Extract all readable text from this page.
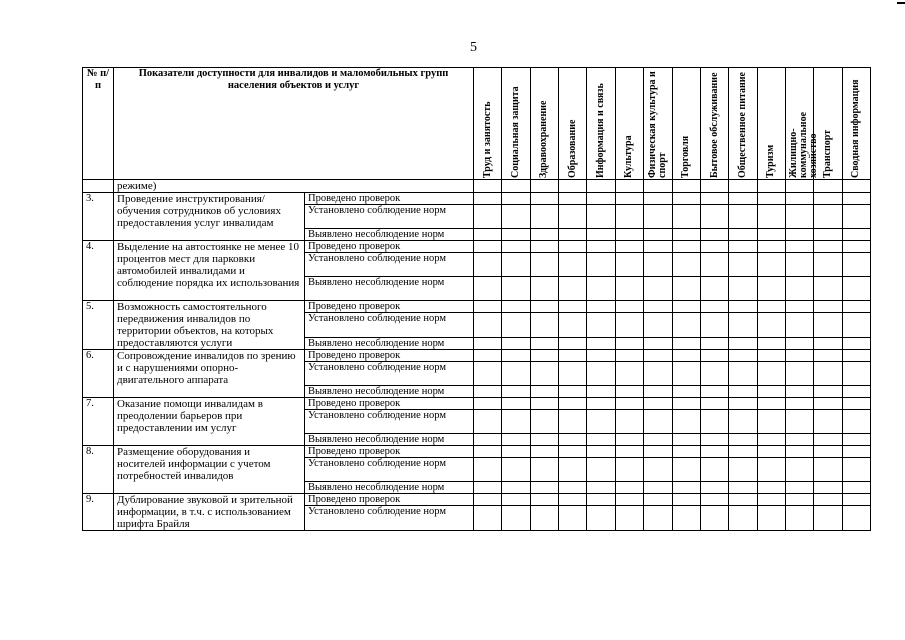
5
№ п/п	Показатели доступности для инвалидов и маломобильных групп населения объектов и услуг		Труд и занятость	Социальная защита	Здравоохранение	Образование	Информация и связь	Культура	Физическая культура и спорт	Торговля	Бытовое обслуживание	Общественное питание	Туризм	Жилищно-коммунальное хозяйство	Транспорт	Сводная информация

	режиме)															
3.	Проведение инструктирования/ обучения сотрудников об условиях предоставления услуг инвалидам	Проведено проверок														
		Установлено соблюдение норм														
		Выявлено несоблюдение норм														
4.	Выделение на автостоянке не менее 10 процентов мест для парковки автомобилей инвалидами и соблюдение порядка их использования	Проведено проверок														
		Установлено соблюдение норм														
		Выявлено несоблюдение норм														
5.	Возможность самостоятельного передвижения инвалидов по территории объектов, на которых предоставляются услуги	Проведено проверок														
		Установлено соблюдение норм														
		Выявлено несоблюдение норм														
6.	Сопровождение инвалидов по зрению и с нарушениями опорно-двигательного аппарата	Проведено проверок														
		Установлено соблюдение норм														
		Выявлено несоблюдение норм														
7.	Оказание помощи инвалидам в преодолении барьеров при предоставлении им услуг	Проведено проверок														
		Установлено соблюдение норм														
		Выявлено несоблюдение норм														
8.	Размещение оборудования и носителей информации с учетом потребностей инвалидов	Проведено проверок														
		Установлено соблюдение норм														
		Выявлено несоблюдение норм														
9.	Дублирование звуковой и зрительной информации, в т.ч. с использованием шрифта Брайля	Проведено проверок														
		Установлено соблюдение норм														
